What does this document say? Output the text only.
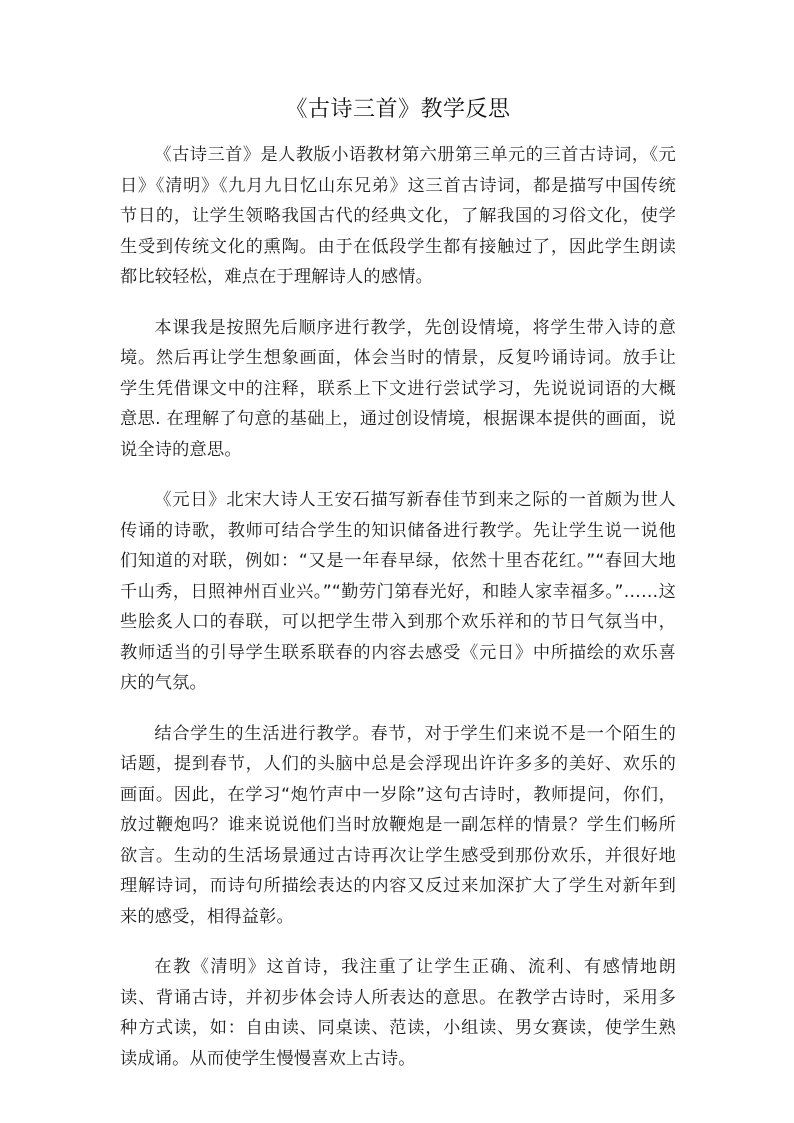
《古诗三首》教学反思

《古诗三首》是人教版小语教材第六册第三单元的三首古诗词，《元日》《清明》《九月九日忆山东兄弟》这三首古诗词，都是描写中国传统节日的，让学生领略我国古代的经典文化，了解我国的习俗文化，使学生受到传统文化的熏陶。由于在低段学生都有接触过了，因此学生朗读都比较轻松，难点在于理解诗人的感情。

本课我是按照先后顺序进行教学，先创设情境，将学生带入诗的意境。然后再让学生想象画面，体会当时的情景，反复吟诵诗词。放手让学生凭借课文中的注释，联系上下文进行尝试学习，先说说词语的大概意思. 在理解了句意的基础上，通过创设情境，根据课本提供的画面，说说全诗的意思。

《元日》北宋大诗人王安石描写新春佳节到来之际的一首颇为世人传诵的诗歌，教师可结合学生的知识储备进行教学。先让学生说一说他们知道的对联，例如：“又是一年春早绿，依然十里杏花红。”“春回大地千山秀，日照神州百业兴。”“勤劳门第春光好，和睦人家幸福多。”……这些脍炙人口的春联，可以把学生带入到那个欢乐祥和的节日气氛当中，教师适当的引导学生联系联春的内容去感受《元日》中所描绘的欢乐喜庆的气氛。

结合学生的生活进行教学。春节，对于学生们来说不是一个陌生的话题，提到春节，人们的头脑中总是会浮现出许许多多的美好、欢乐的画面。因此，在学习“炮竹声中一岁除”这句古诗时，教师提问，你们，放过鞭炮吗？谁来说说他们当时放鞭炮是一副怎样的情景？学生们畅所欲言。生动的生活场景通过古诗再次让学生感受到那份欢乐，并很好地理解诗词，而诗句所描绘表达的内容又反过来加深扩大了学生对新年到来的感受，相得益彰。

在教《清明》这首诗，我注重了让学生正确、流利、有感情地朗读、背诵古诗，并初步体会诗人所表达的意思。在教学古诗时，采用多种方式读，如：自由读、同桌读、范读，小组读、男女赛读，使学生熟读成诵。从而使学生慢慢喜欢上古诗。
